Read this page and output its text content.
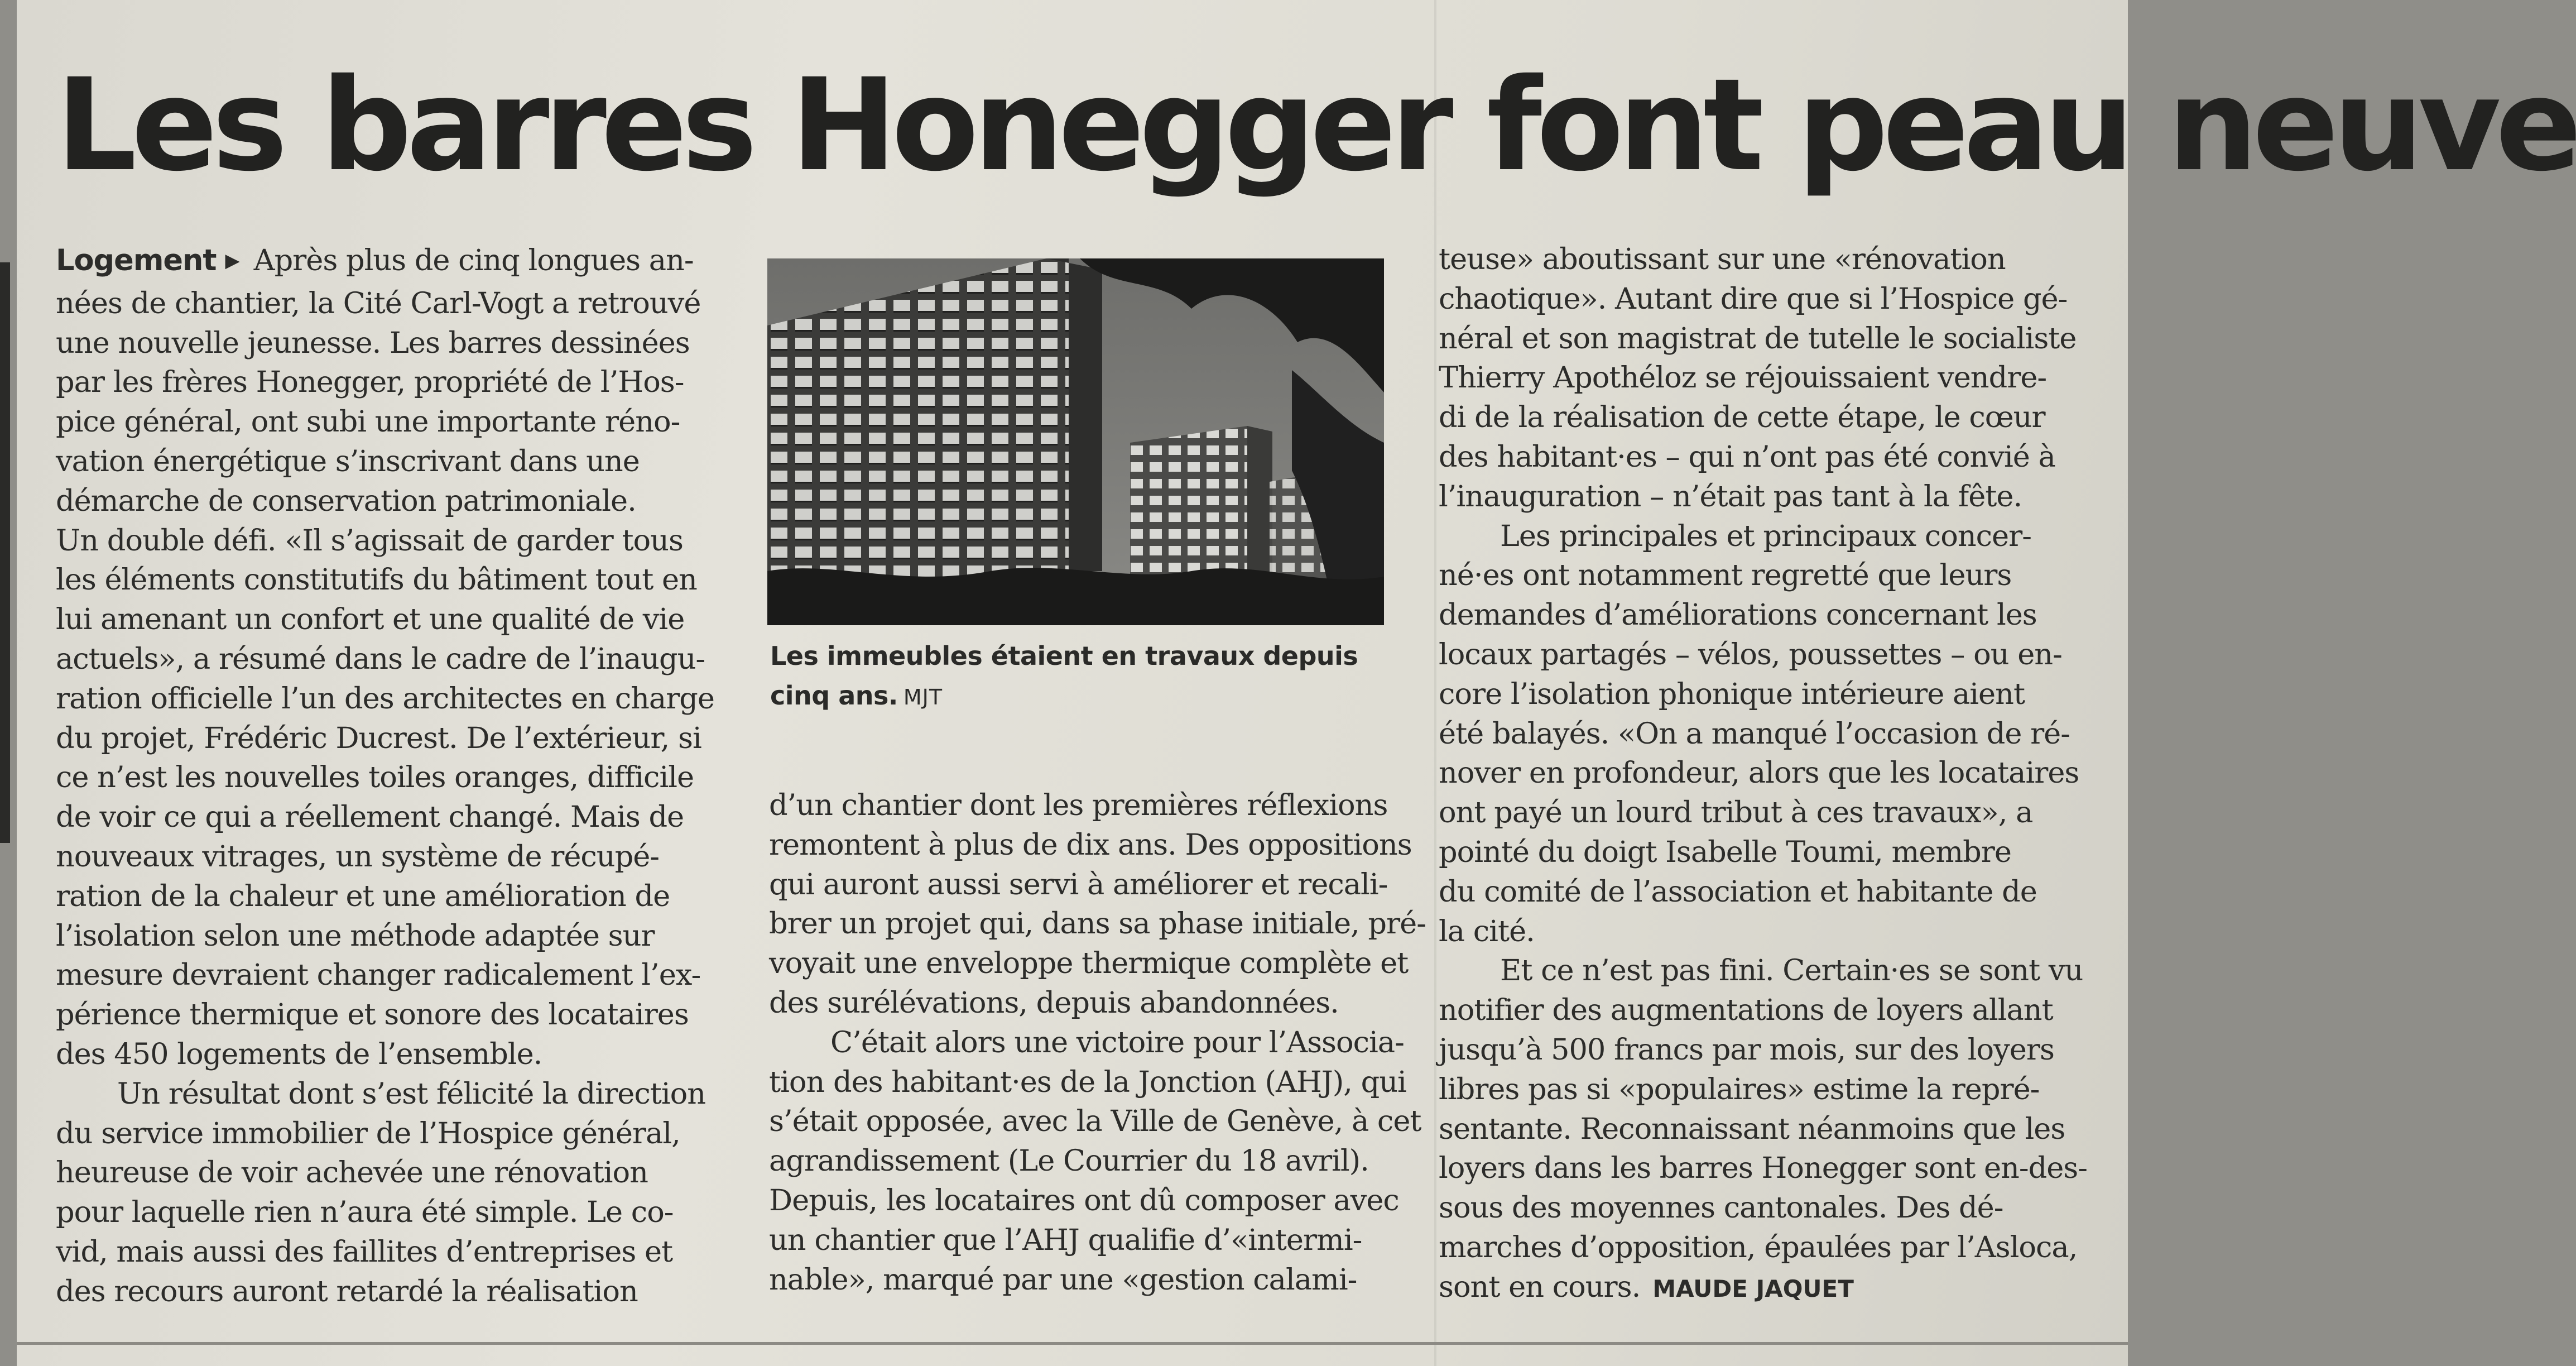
Les barres Honegger font peau neuve

Logement ▶ Après plus de cinq longues an-
nées de chantier, la Cité Carl-Vogt a retrouvé
une nouvelle jeunesse. Les barres dessinées
par les frères Honegger, propriété de l’Hos-
pice général, ont subi une importante réno-
vation énergétique s’inscrivant dans une
démarche de conservation patrimoniale.
Un double défi. «Il s’agissait de garder tous
les éléments constitutifs du bâtiment tout en
lui amenant un confort et une qualité de vie
actuels», a résumé dans le cadre de l’inaugu-
ration officielle l’un des architectes en charge
du projet, Frédéric Ducrest. De l’extérieur, si
ce n’est les nouvelles toiles oranges, difficile
de voir ce qui a réellement changé. Mais de
nouveaux vitrages, un système de récupé-
ration de la chaleur et une amélioration de
l’isolation selon une méthode adaptée sur
mesure devraient changer radicalement l’ex-
périence thermique et sonore des locataires
des 450 logements de l’ensemble.

Un résultat dont s’est félicité la direction
du service immobilier de l’Hospice général,
heureuse de voir achevée une rénovation
pour laquelle rien n’aura été simple. Le co-
vid, mais aussi des faillites d’entreprises et
des recours auront retardé la réalisation

Les immeubles étaient en travaux depuis cinq ans. MJT

d’un chantier dont les premières réflexions
remontent à plus de dix ans. Des oppositions
qui auront aussi servi à améliorer et recali-
brer un projet qui, dans sa phase initiale, pré-
voyait une enveloppe thermique complète et
des surélévations, depuis abandonnées.

C’était alors une victoire pour l’Associa-
tion des habitant·es de la Jonction (AHJ), qui
s’était opposée, avec la Ville de Genève, à cet
agrandissement (Le Courrier du 18 avril).
Depuis, les locataires ont dû composer avec
un chantier que l’AHJ qualifie d’«intermi-
nable», marqué par une «gestion calami-

teuse» aboutissant sur une «rénovation
chaotique». Autant dire que si l’Hospice gé-
néral et son magistrat de tutelle le socialiste
Thierry Apothéloz se réjouissaient vendre-
di de la réalisation de cette étape, le cœur
des habitant·es – qui n’ont pas été convié à
l’inauguration – n’était pas tant à la fête.

Les principales et principaux concer-
né·es ont notamment regretté que leurs
demandes d’améliorations concernant les
locaux partagés – vélos, poussettes – ou en-
core l’isolation phonique intérieure aient
été balayés. «On a manqué l’occasion de ré-
nover en profondeur, alors que les locataires
ont payé un lourd tribut à ces travaux», a
pointé du doigt Isabelle Toumi, membre
du comité de l’association et habitante de
la cité.

Et ce n’est pas fini. Certain·es se sont vu
notifier des augmentations de loyers allant
jusqu’à 500 francs par mois, sur des loyers
libres pas si «populaires» estime la repré-
sentante. Reconnaissant néanmoins que les
loyers dans les barres Honegger sont en-des-
sous des moyennes cantonales. Des dé-
marches d’opposition, épaulées par l’Asloca,
sont en cours. MAUDE JAQUET
